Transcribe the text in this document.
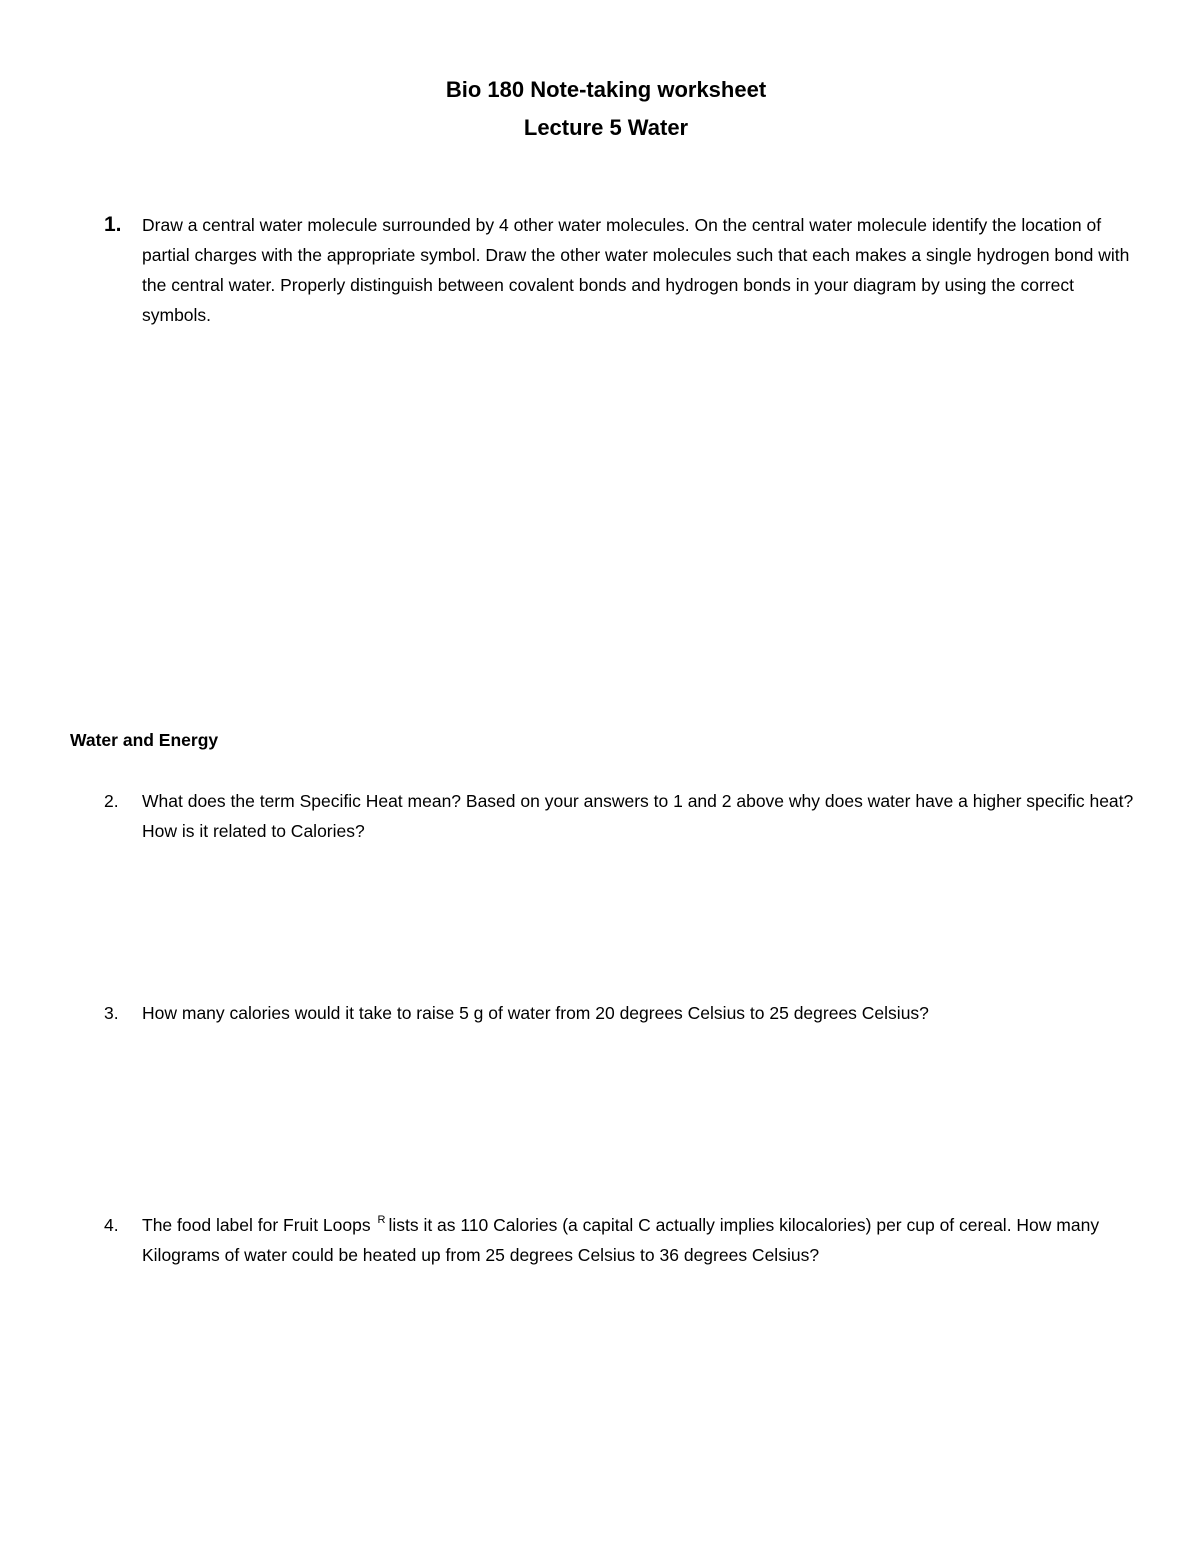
Bio 180 Note-taking worksheet
Lecture 5 Water
1.	Draw a central water molecule surrounded by 4 other water molecules. On the central water molecule identify the location of partial charges with the appropriate symbol. Draw the other water molecules such that each makes a single hydrogen bond with the central water. Properly distinguish between covalent bonds and hydrogen bonds in your diagram by using the correct symbols.
Water and Energy
2.	What does the term Specific Heat mean? Based on your answers to 1 and 2 above why does water have a higher specific heat? How is it related to Calories?
3.	How many calories would it take to raise 5 g of water from 20 degrees Celsius to 25 degrees Celsius?
4.	The food label for Fruit Loops $^R$ lists it as 110 Calories (a capital C actually implies kilocalories) per cup of cereal. How many Kilograms of water could be heated up from 25 degrees Celsius to 36 degrees Celsius?
